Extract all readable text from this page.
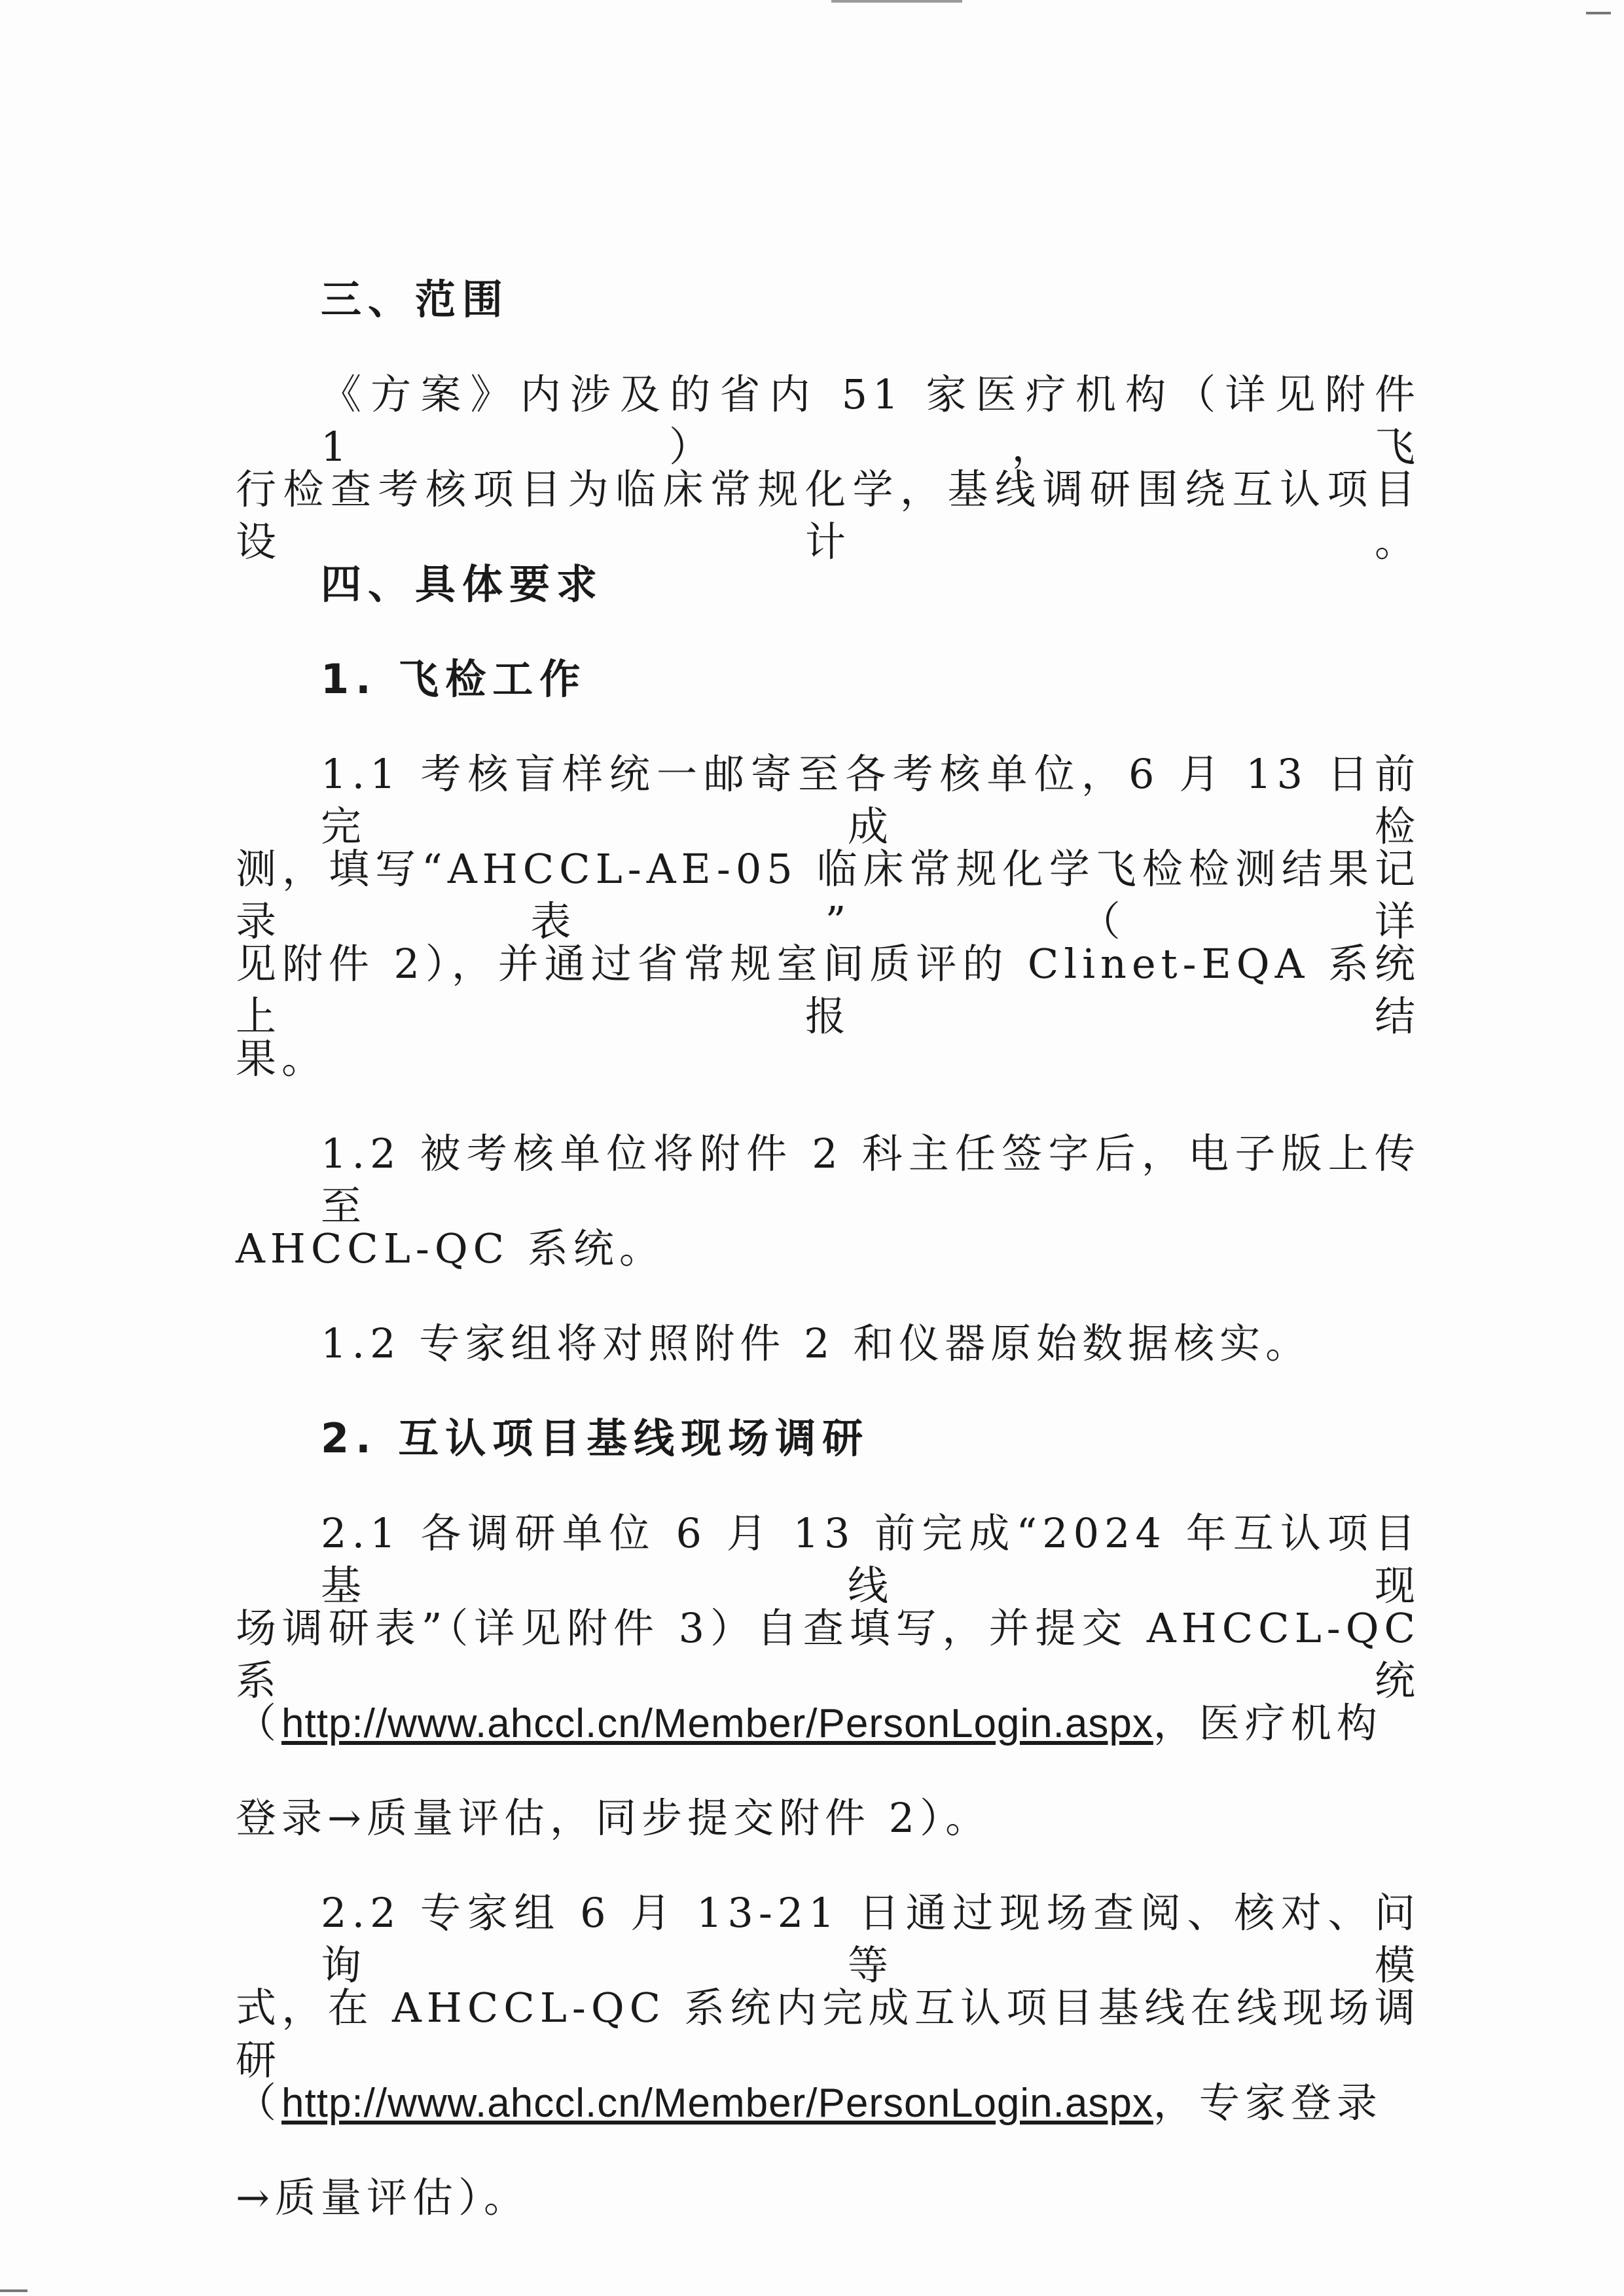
三、范围
《方案》内涉及的省内 51 家医疗机构（详见附件 1），飞
行检查考核项目为临床常规化学，基线调研围绕互认项目设计。
四、具体要求
1. 飞检工作
1.1 考核盲样统一邮寄至各考核单位，6 月 13 日前完成检
测，填写“AHCCL-AE-05 临床常规化学飞检检测结果记录表”（详
见附件 2），并通过省常规室间质评的 Clinet-EQA 系统上报结
果。
1.2 被考核单位将附件 2 科主任签字后，电子版上传至
AHCCL-QC 系统。
1.2 专家组将对照附件 2 和仪器原始数据核实。
2. 互认项目基线现场调研
2.1 各调研单位 6 月 13 前完成“2024 年互认项目基线现
场调研表”（详见附件 3）自查填写，并提交 AHCCL-QC 系统
（http://www.ahccl.cn/Member/PersonLogin.aspx，医疗机构
登录→质量评估，同步提交附件 2）。
2.2 专家组 6 月 13-21 日通过现场查阅、核对、问询等模
式，在 AHCCL-QC 系统内完成互认项目基线在线现场调研
（http://www.ahccl.cn/Member/PersonLogin.aspx，专家登录
→质量评估）。
